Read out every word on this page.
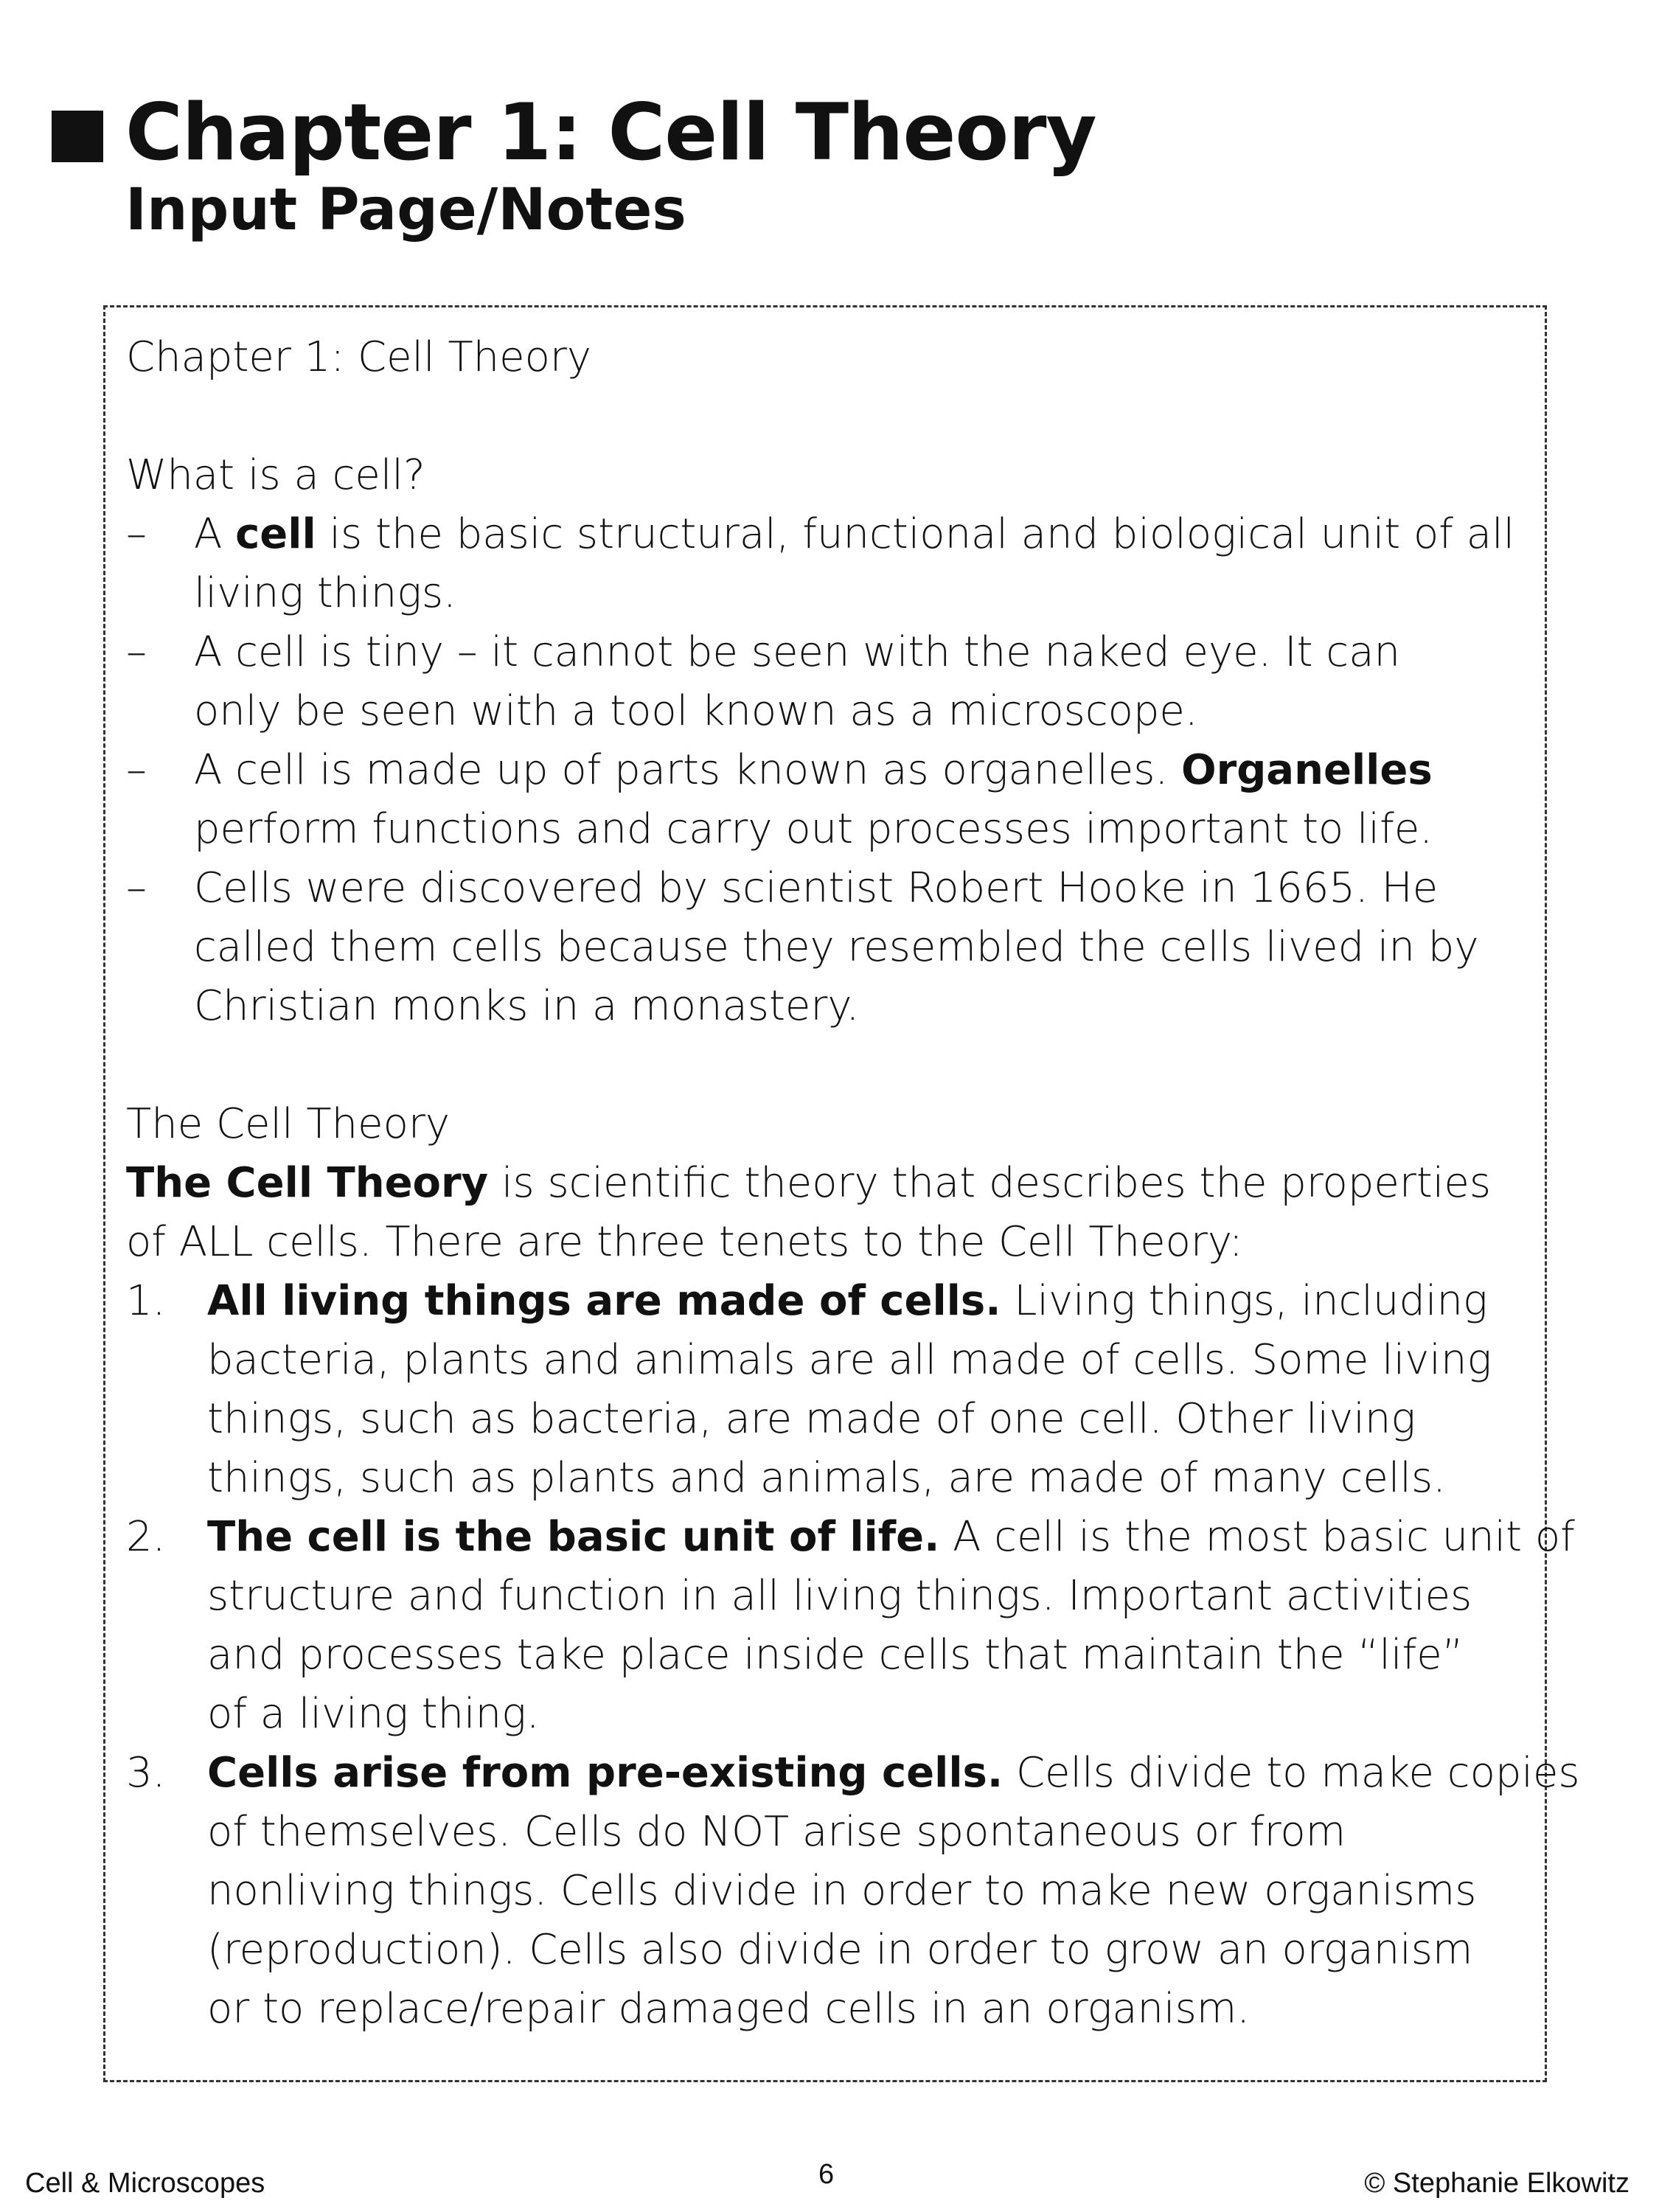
Chapter 1: Cell Theory
Input Page/Notes
Chapter 1: Cell Theory
What is a cell?
– A cell is the basic structural, functional and biological unit of all
living things.
– A cell is tiny – it cannot be seen with the naked eye. It can
only be seen with a tool known as a microscope.
– A cell is made up of parts known as organelles. Organelles
perform functions and carry out processes important to life.
– Cells were discovered by scientist Robert Hooke in 1665. He
called them cells because they resembled the cells lived in by
Christian monks in a monastery.
The Cell Theory
The Cell Theory is scientific theory that describes the properties
of ALL cells. There are three tenets to the Cell Theory:
1. All living things are made of cells. Living things, including
bacteria, plants and animals are all made of cells. Some living
things, such as bacteria, are made of one cell. Other living
things, such as plants and animals, are made of many cells.
2. The cell is the basic unit of life. A cell is the most basic unit of
structure and function in all living things. Important activities
and processes take place inside cells that maintain the “life”
of a living thing.
3. Cells arise from pre-existing cells. Cells divide to make copies
of themselves. Cells do NOT arise spontaneous or from
nonliving things. Cells divide in order to make new organisms
(reproduction). Cells also divide in order to grow an organism
or to replace/repair damaged cells in an organism.
Cell & Microscopes	6	© Stephanie Elkowitz
